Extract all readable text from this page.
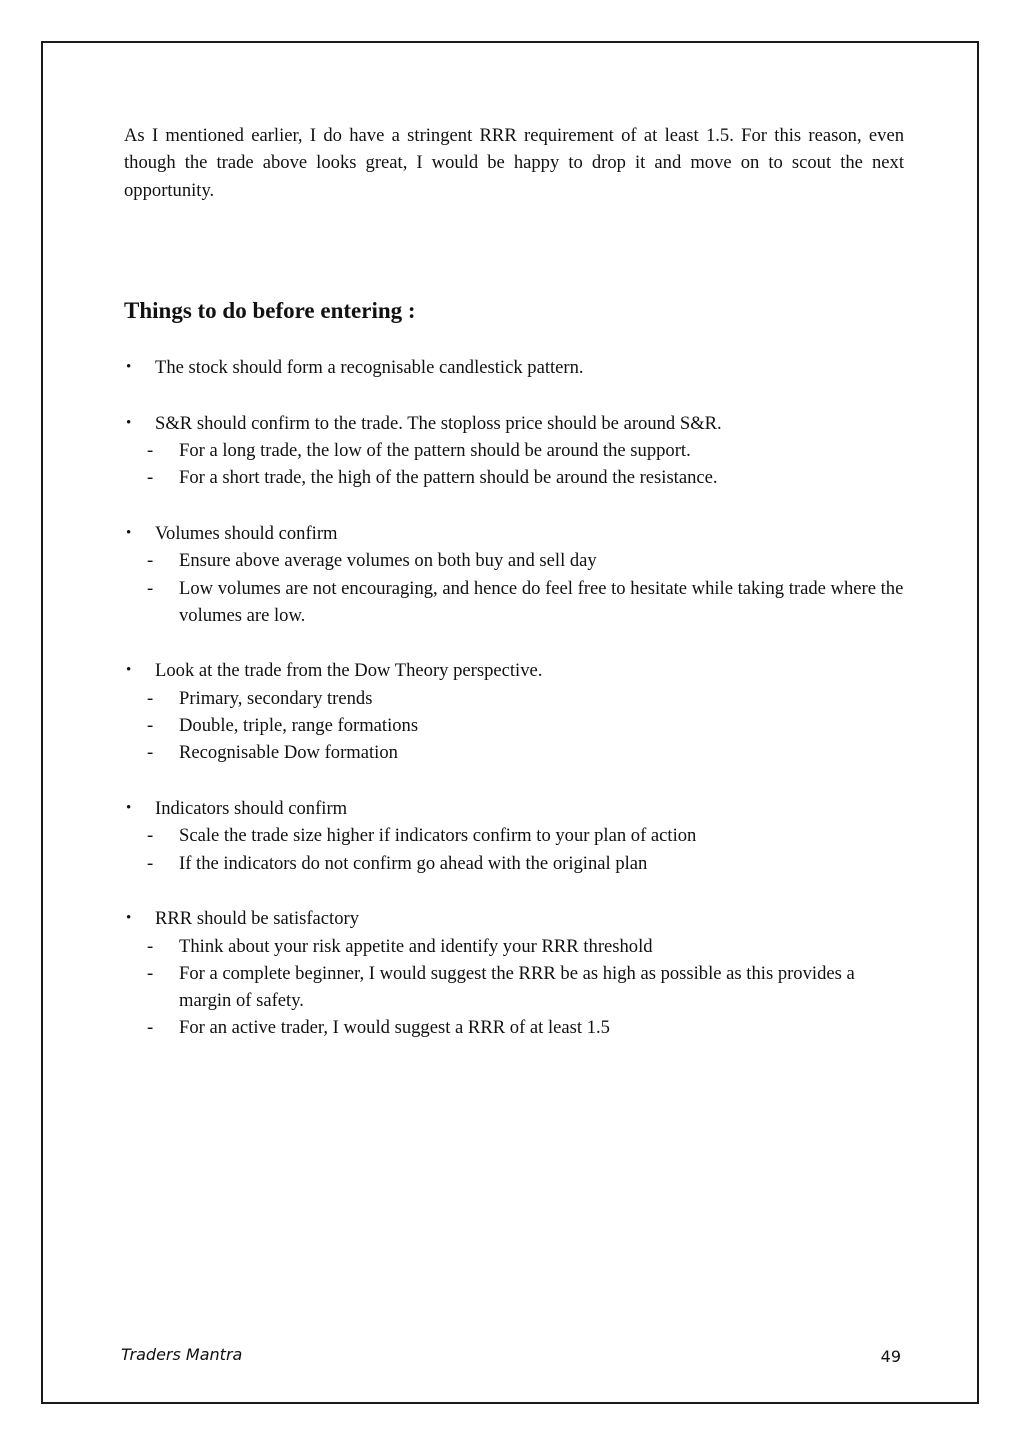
As I mentioned earlier, I do have a stringent RRR requirement of at least 1.5. For this reason, even though the trade above looks great, I would be happy to drop it and move on to scout the next opportunity.

Things to do before entering :
• The stock should form a recognisable candlestick pattern.
• S&R should confirm to the trade. The stoploss price should be around S&R.
- For a long trade, the low of the pattern should be around the support.
- For a short trade, the high of the pattern should be around the resistance.
• Volumes should confirm
- Ensure above average volumes on both buy and sell day
- Low volumes are not encouraging, and hence do feel free to hesitate while taking trade where the volumes are low.
• Look at the trade from the Dow Theory perspective.
- Primary, secondary trends
- Double, triple, range formations
- Recognisable Dow formation
• Indicators should confirm
- Scale the trade size higher if indicators confirm to your plan of action
- If the indicators do not confirm go ahead with the original plan
• RRR should be satisfactory
- Think about your risk appetite and identify your RRR threshold
- For a complete beginner, I would suggest the RRR be as high as possible as this provides a margin of safety.
- For an active trader, I would suggest a RRR of at least 1.5
Traders Mantra	49
